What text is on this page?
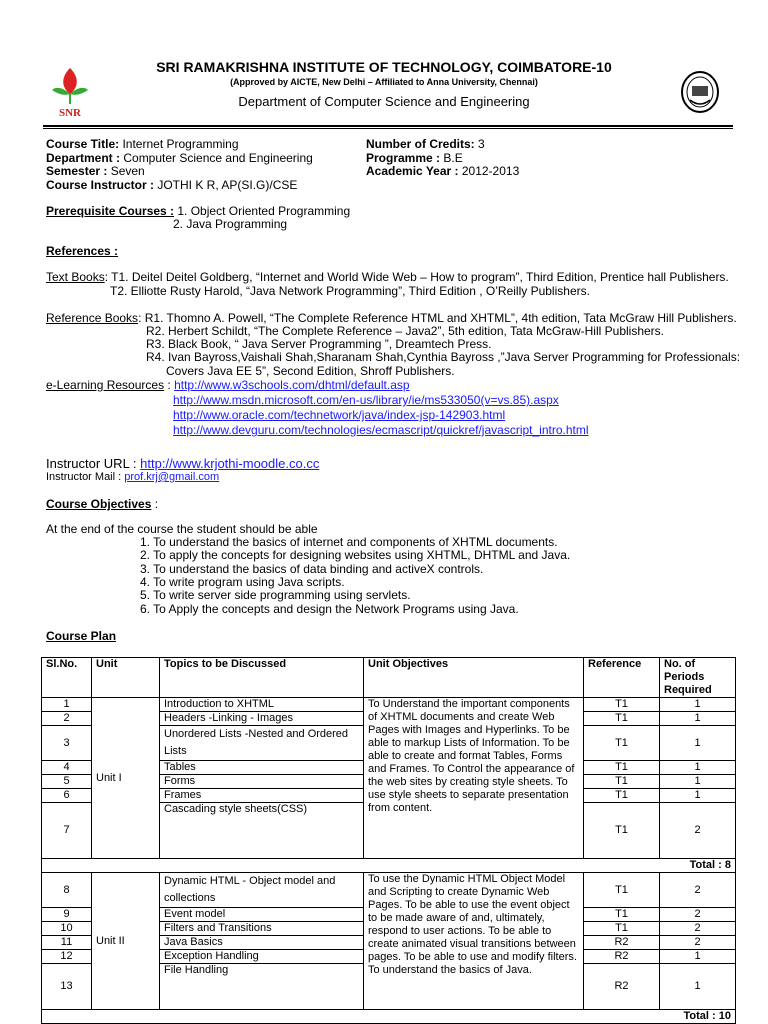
SNR
SRI RAMAKRISHNA INSTITUTE OF TECHNOLOGY, COIMBATORE-10
(Approved by AICTE, New Delhi – Affiliated to Anna University, Chennai)
Department of Computer Science and Engineering
Course Title: Internet Programming
Department : Computer Science and Engineering
Semester : Seven
Course Instructor : JOTHI K R, AP(SI.G)/CSE
Number of Credits: 3
Programme : B.E
Academic Year : 2012-2013
Prerequisite Courses : 1. Object Oriented Programming
2. Java Programming
References :
Text Books: T1. Deitel Deitel Goldberg, “Internet and World Wide Web – How to program”, Third Edition, Prentice hall Publishers.
T2. Elliotte Rusty Harold, “Java Network Programming”, Third Edition , O’Reilly Publishers.
Reference Books: R1. Thomno A. Powell, “The Complete Reference HTML and XHTML”, 4th edition, Tata McGraw Hill Publishers.
R2. Herbert Schildt, “The Complete Reference – Java2”, 5th edition, Tata McGraw-Hill Publishers.
R3. Black Book, “ Java Server Programming ”, Dreamtech Press.
R4. Ivan Bayross,Vaishali Shah,Sharanam Shah,Cynthia Bayross ,”Java Server Programming for Professionals:
Covers Java EE 5”, Second Edition, Shroff Publishers.
e-Learning Resources : http://www.w3schools.com/dhtml/default.asp
http://www.msdn.microsoft.com/en-us/library/ie/ms533050(v=vs.85).aspx
http://www.oracle.com/technetwork/java/index-jsp-142903.html
http://www.devguru.com/technologies/ecmascript/quickref/javascript_intro.html
Instructor URL : http://www.krjothi-moodle.co.cc
Instructor Mail : prof.krj@gmail.com
Course Objectives :
At the end of the course the student should be able
1. To understand the basics of internet and components of XHTML documents.
2. To apply the concepts for designing websites using XHTML, DHTML and Java.
3. To understand the basics of data binding and activeX controls.
4. To write program using Java scripts.
5. To write server side programming using servlets.
6. To Apply the concepts and design the Network Programs using Java.
Course Plan
Sl.No.	Unit	Topics to be Discussed	Unit Objectives	Reference	No. of Periods Required
1	Unit I	Introduction to XHTML	To Understand the important components of XHTML documents and create Web Pages with Images and Hyperlinks. To be able to markup Lists of Information. To be able to create and format Tables, Forms and Frames. To Control the appearance of the web sites by creating style sheets. To use style sheets to separate presentation from content.	T1	1
2		Headers -Linking - Images		T1	1
3		Unordered Lists -Nested and Ordered Lists		T1	1
4		Tables		T1	1
5		Forms		T1	1
6		Frames		T1	1
7		Cascading style sheets(CSS)		T1	2
Total : 8					
8	Unit II	Dynamic HTML - Object model and collections	To use the Dynamic HTML Object Model and Scripting to create Dynamic Web Pages. To be able to use the event object to be made aware of and, ultimately, respond to user actions. To be able to create animated visual transitions between pages. To be able to use and modify filters. To understand the basics of Java.	T1	2
9		Event model		T1	2
10		Filters and Transitions		T1	2
11		Java Basics		R2	2
12		Exception Handling		R2	1
13		File Handling		R2	1
Total : 10					
